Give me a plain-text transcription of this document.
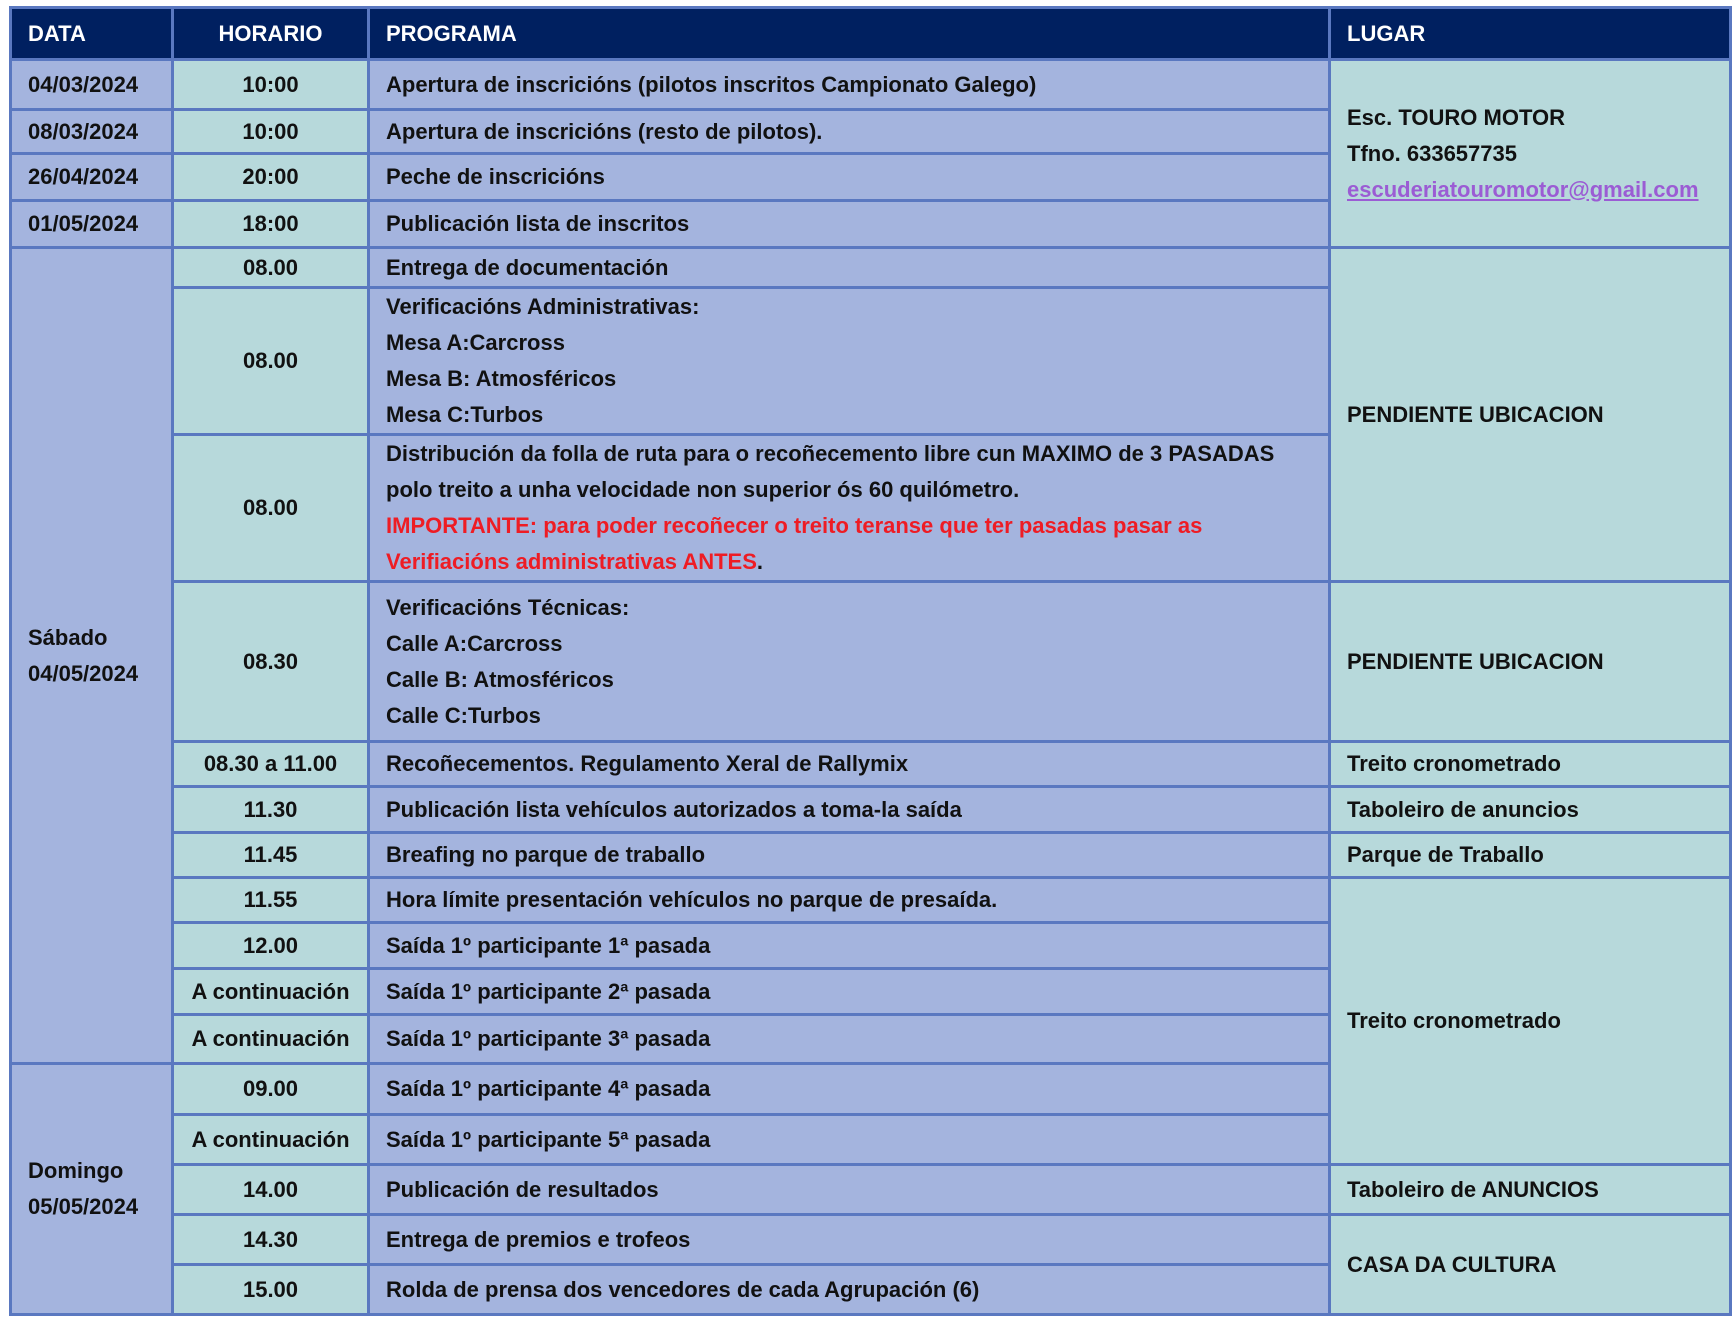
DATA	HORARIO	PROGRAMA	LUGAR
04/03/2024	10:00	Apertura de inscricións (pilotos inscritos Campionato Galego)	Esc. TOURO MOTOR
Tfno. 633657735
escuderiatouromotor@gmail.com

08/03/2024	10:00	Apertura de inscricións (resto de pilotos).	
26/04/2024	20:00	Peche de inscricións	
01/05/2024	18:00	Publicación lista de inscritos	

Sábado
04/05/2024	08.00	Entrega de documentación	PENDIENTE UBICACION
	08.00	Verificacións Administrativas:
Mesa A:Carcross
Mesa B: Atmosféricos
Mesa C:Turbos	

	08.00	Distribución da folla de ruta para o recoñecemento libre cun MAXIMO de 3 PASADAS
polo treito a unha velocidade non superior ós 60 quilómetro.
IMPORTANTE: para poder recoñecer o treito teranse que ter pasadas pasar as
Verifiacións administrativas ANTES.	

	08.30	Verificacións Técnicas:
Calle A:Carcross
Calle B: Atmosféricos
Calle C:Turbos	PENDIENTE UBICACION
	08.30 a 11.00	Recoñecementos. Regulamento Xeral de Rallymix	Treito cronometrado
	11.30	Publicación lista vehículos autorizados a toma-la saída	Taboleiro de anuncios
	11.45	Breafing no parque de traballo	Parque de Traballo
	11.55	Hora límite presentación vehículos no parque de presaída.	Treito cronometrado
	12.00	Saída 1º participante 1ª pasada	
	A continuación	Saída 1º participante 2ª pasada	
	A continuación	Saída 1º participante 3ª pasada	

Domingo
05/05/2024	09.00	Saída 1º participante 4ª pasada	
	A continuación	Saída 1º participante 5ª pasada	
	14.00	Publicación de resultados	Taboleiro de ANUNCIOS
	14.30	Entrega de premios e trofeos	CASA DA CULTURA
	15.00	Rolda de prensa dos vencedores de cada Agrupación (6)	
